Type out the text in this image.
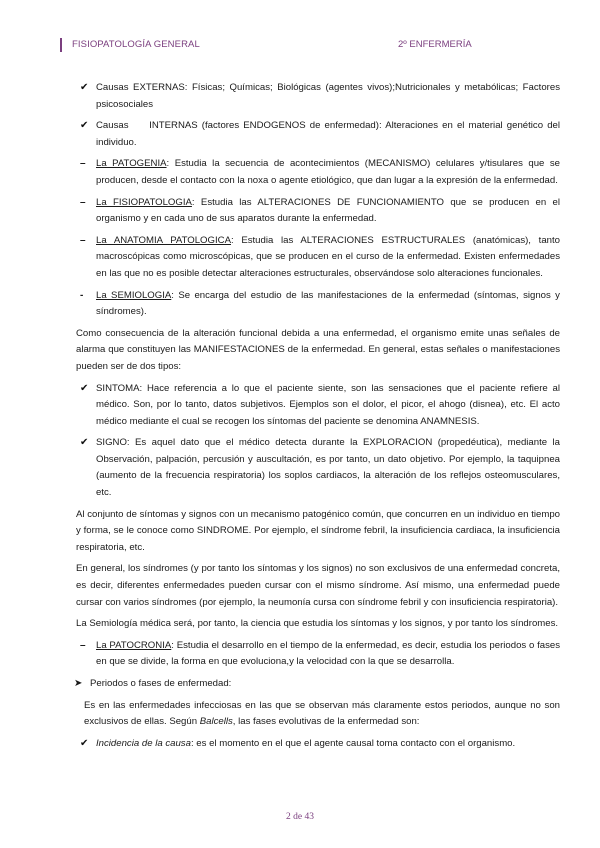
FISIOPATOLOGÍA GENERAL	2º ENFERMERÍA
✔ Causas EXTERNAS: Físicas; Químicas; Biológicas (agentes vivos);Nutricionales y metabólicas; Factores psicosociales
✔ Causas     INTERNAS (factores ENDOGENOS de enfermedad): Alteraciones en el material genético del individuo.
–	La PATOGENIA: Estudia la secuencia de acontecimientos (MECANISMO) celulares y/tisulares que se producen, desde el contacto con la noxa o agente etiológico, que dan lugar a la expresión de la enfermedad.
–	La FISIOPATOLOGIA: Estudia las ALTERACIONES DE FUNCIONAMIENTO que se producen en el organismo y en cada uno de sus aparatos durante la enfermedad.
–	La ANATOMIA PATOLOGICA: Estudia las ALTERACIONES ESTRUCTURALES (anatómicas), tanto macroscópicas como microscópicas, que se producen en el curso de la enfermedad. Existen enfermedades en las que no es posible detectar alteraciones estructurales, observándose solo alteraciones funcionales.
-	La SEMIOLOGIA: Se encarga del estudio de las manifestaciones de la enfermedad (síntomas, signos y síndromes).

Como consecuencia de la alteración funcional debida a una enfermedad, el organismo emite unas señales de alarma que constituyen las MANIFESTACIONES de la enfermedad. En general, estas señales o manifestaciones pueden ser de dos tipos:

✔ SINTOMA: Hace referencia a lo que el paciente siente, son las sensaciones que el paciente refiere al médico. Son, por lo tanto, datos subjetivos. Ejemplos son el dolor, el picor, el ahogo (disnea), etc. El acto médico mediante el cual se recogen los síntomas del paciente se denomina ANAMNESIS.
✔ SIGNO: Es aquel dato que el médico detecta durante la EXPLORACION (propedéutica), mediante la Observación, palpación, percusión y auscultación, es por tanto, un dato objetivo. Por ejemplo, la taquipnea (aumento de la frecuencia respiratoria) los soplos cardiacos, la alteración de los reflejos osteomusculares, etc.

Al conjunto de síntomas y signos con un mecanismo patogénico común, que concurren en un individuo en tiempo y forma, se le conoce como SINDROME. Por ejemplo, el síndrome febril, la insuficiencia cardiaca, la insuficiencia respiratoria, etc.

En general, los síndromes (y por tanto los síntomas y los signos) no son exclusivos de una enfermedad concreta, es decir, diferentes enfermedades pueden cursar con el mismo síndrome. Así mismo, una enfermedad puede cursar con varios síndromes (por ejemplo, la neumonía cursa con síndrome febril y con insuficiencia respiratoria).

La Semiología médica será, por tanto, la ciencia que estudia los síntomas y los signos, y por tanto los síndromes.

–	La PATOCRONIA: Estudia el desarrollo en el tiempo de la enfermedad, es decir, estudia los periodos o fases en que se divide, la forma en que evoluciona,y la velocidad con la que se desarrolla.
➤ Periodos o fases de enfermedad:

Es en las enfermedades infecciosas en las que se observan más claramente estos periodos, aunque no son exclusivos de ellas. Según Balcells, las fases evolutivas de la enfermedad son:

✔ Incidencia de la causa: es el momento en el que el agente causal toma contacto con el organismo.
2 de 43
